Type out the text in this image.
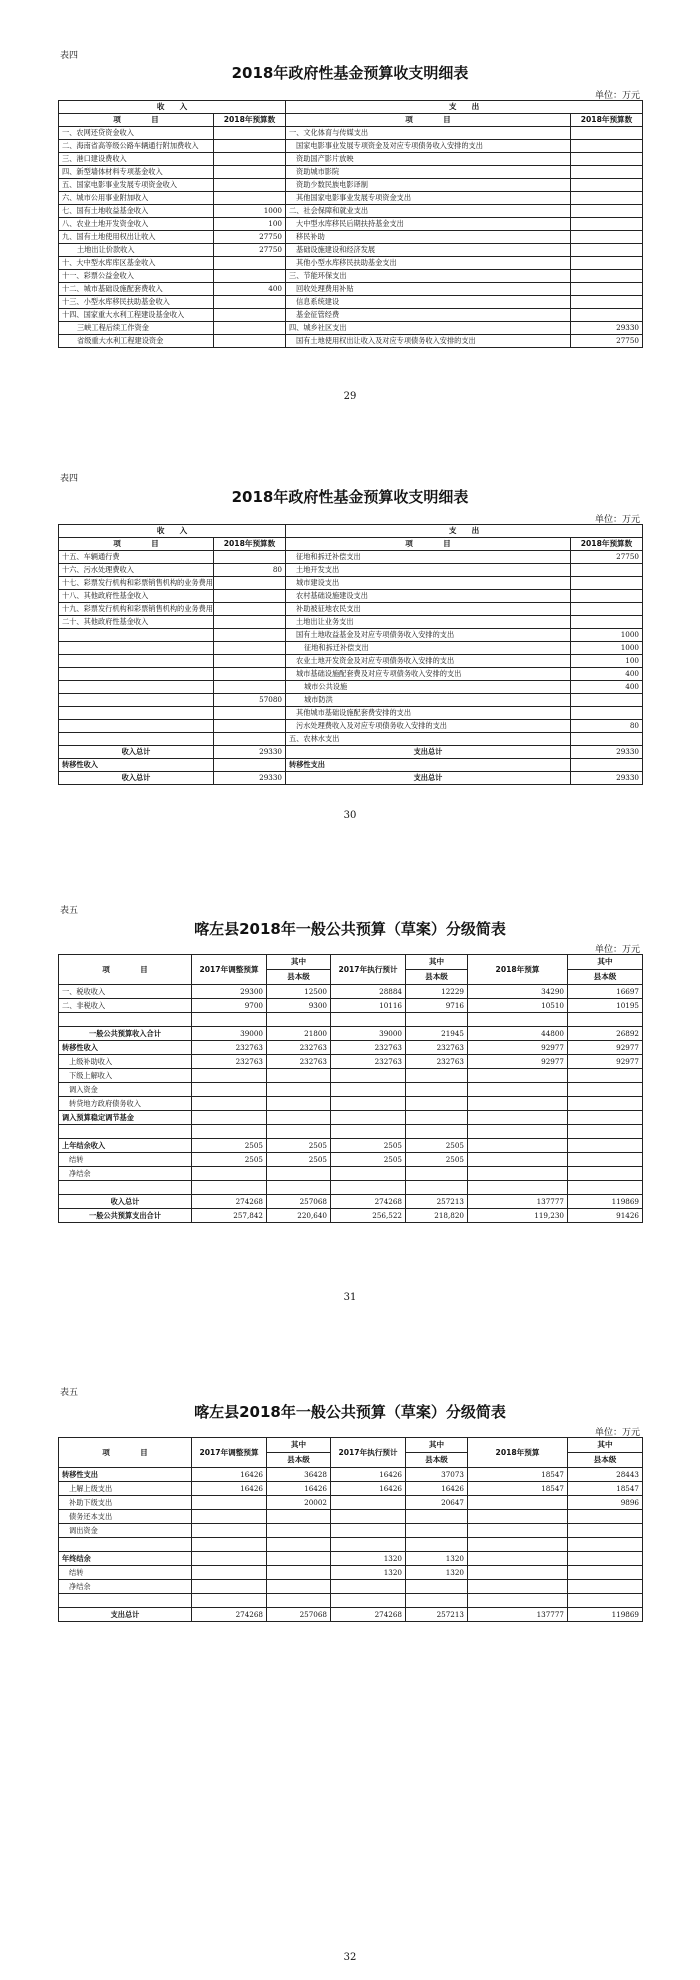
表四
2018年政府性基金预算收支明细表
单位：万元
收　　入		支　　出	
项　　　　目	2018年预算数	项　　　　目	2018年预算数
一、农网还贷资金收入		一、文化体育与传媒支出	
二、海南省高等级公路车辆通行附加费收入		国家电影事业发展专项资金及对应专项债务收入安排的支出	
三、港口建设费收入		资助国产影片放映	
四、新型墙体材料专项基金收入		资助城市影院	
五、国家电影事业发展专项资金收入		资助少数民族电影译制	
六、城市公用事业附加收入		其他国家电影事业发展专项资金支出	
七、国有土地收益基金收入	1000	二、社会保障和就业支出	
八、农业土地开发资金收入	100	大中型水库移民后期扶持基金支出	
九、国有土地使用权出让收入	27750	移民补助	
土地出让价款收入	27750	基础设施建设和经济发展	
十、大中型水库库区基金收入		其他小型水库移民扶助基金支出	
十一、彩票公益金收入		三、节能环保支出	
十二、城市基础设施配套费收入	400	回收处理费用补贴	
十三、小型水库移民扶助基金收入		信息系统建设	
十四、国家重大水利工程建设基金收入		基金征管经费	
三峡工程后续工作资金		四、城乡社区支出	29330
省级重大水利工程建设资金		国有土地使用权出让收入及对应专项债务收入安排的支出	27750
29
表四
2018年政府性基金预算收支明细表
单位：万元
收　　入		支　　出	
项　　　　目	2018年预算数	项　　　　目	2018年预算数
十五、车辆通行费		征地和拆迁补偿支出	27750
十六、污水处理费收入	80	土地开发支出	
十七、彩票发行机构和彩票销售机构的业务费用		城市建设支出	
十八、其他政府性基金收入		农村基础设施建设支出	
十九、彩票发行机构和彩票销售机构的业务费用		补助被征地农民支出	
二十、其他政府性基金收入		土地出让业务支出	
		国有土地收益基金及对应专项债务收入安排的支出	1000
		征地和拆迁补偿支出	1000
		农业土地开发资金及对应专项债务收入安排的支出	100
		城市基础设施配套费及对应专项债务收入安排的支出	400
		城市公共设施	400
	57080	城市防洪	
		其他城市基础设施配套费安排的支出	
		污水处理费收入及对应专项债务收入安排的支出	80
		五、农林水支出	
收入总计	29330	支出总计	29330
转移性收入		转移性支出	
收入总计	29330	支出总计	29330
30
表五
喀左县2018年一般公共预算（草案）分级简表
单位：万元
项　　　　目	2017年调整预算	其中	2017年执行预计	其中	2018年预算	其中
		县本级		县本级		县本级
一、税收收入	29300	12500	28884	12229	34290	16697
二、非税收入	9700	9300	10116	9716	10510	10195

一般公共预算收入合计	39000	21800	39000	21945	44800	26892
转移性收入	232763	232763	232763	232763	92977	92977
上级补助收入	232763	232763	232763	232763	92977	92977
下级上解收入						
调入资金						
转贷地方政府债务收入						
调入预算稳定调节基金						

上年结余收入	2505	2505	2505	2505		
结转	2505	2505	2505	2505		
净结余						

收入总计	274268	257068	274268	257213	137777	119869
一般公共预算支出合计	257,842	220,640	256,522	218,820	119,230	91426
31
表五
喀左县2018年一般公共预算（草案）分级简表
单位：万元
项　　　　目	2017年调整预算	其中	2017年执行预计	其中	2018年预算	其中
		县本级		县本级		县本级
转移性支出	16426	36428	16426	37073	18547	28443
上解上级支出	16426	16426	16426	16426	18547	18547
补助下级支出		20002		20647		9896
债务还本支出						
调出资金						

年终结余			1320	1320		
结转			1320	1320		
净结余						

支出总计	274268	257068	274268	257213	137777	119869
32
